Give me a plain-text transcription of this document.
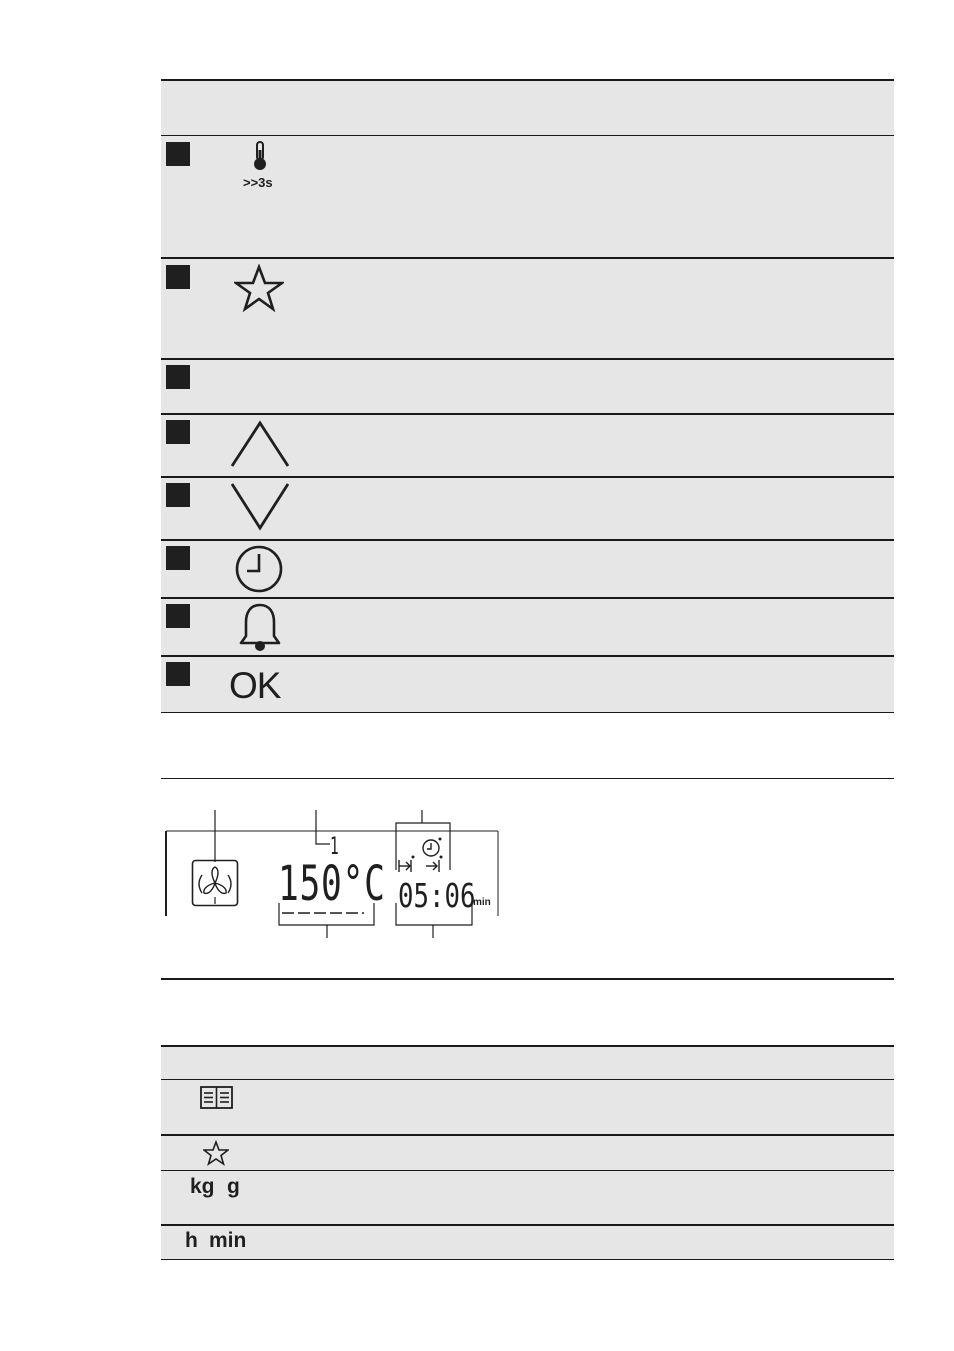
>>3s
OK
1
150°C 05:06
min
kg g
h min
